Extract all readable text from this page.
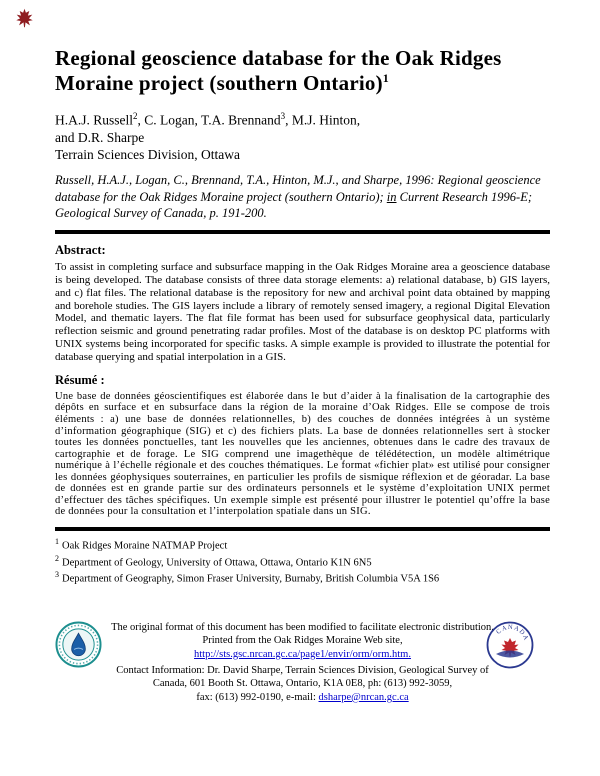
Regional geoscience database for the Oak Ridges Moraine project (southern Ontario)$^1$

H.A.J. Russell$^2$, C. Logan, T.A. Brennand$^3$, M.J. Hinton,
and D.R. Sharpe
Terrain Sciences Division, Ottawa

Russell, H.A.J., Logan, C., Brennand, T.A., Hinton, M.J., and Sharpe, 1996: Regional geoscience database for the Oak Ridges Moraine project (southern Ontario); in Current Research 1996-E; Geological Survey of Canada, p. 191-200.

Abstract:

To assist in completing surface and subsurface mapping in the Oak Ridges Moraine area a geoscience database is being developed. The database consists of three data storage elements: a) relational database, b) GIS layers, and c) flat files. The relational database is the repository for new and archival point data obtained by mapping and borehole studies. The GIS layers include a library of remotely sensed imagery, a regional Digital Elevation Model, and thematic layers. The flat file format has been used for subsurface geophysical data, particularly reflection seismic and ground penetrating radar profiles. Most of the database is on desktop PC platforms with UNIX systems being incorporated for specific tasks. A simple example is provided to illustrate the potential for database querying and spatial interpolation in a GIS.

Résumé :

Une base de données géoscientifiques est élaborée dans le but d’aider à la finalisation de la cartographie des dépôts en surface et en subsurface dans la région de la moraine d’Oak Ridges. Elle se compose de trois éléments : a) une base de données relationnelles, b) des couches de données intégrées à un système d’information géographique (SIG) et c) des fichiers plats. La base de données relationnelles sert à stocker toutes les données ponctuelles, tant les nouvelles que les anciennes, obtenues dans le cadre des travaux de cartographie et de forage. Le SIG comprend une imagethèque de télédétection, un modèle altimétrique numérique à l’échelle régionale et des couches thématiques. Le format «fichier plat» est utilisé pour consigner les données géophysiques souterraines, en particulier les profils de sismique réflexion et de géoradar. La base de données est en grande partie sur des ordinateurs personnels et le système d’exploitation UNIX permet d’effectuer des tâches spécifiques. Un exemple simple est présenté pour illustrer le potentiel qu’offre la base de données pour la consultation et l’interpolation spatiale dans un SIG.

$^1$ Oak Ridges Moraine NATMAP Project

$^2$ Department of Geology, University of Ottawa, Ottawa, Ontario K1N 6N5

$^3$ Department of Geography, Simon Fraser University, Burnaby, British Columbia V5A 1S6

CANADA
The original format of this document has been modified to facilitate electronic distribution.
Printed from the Oak Ridges Moraine Web site,
http://sts.gsc.nrcan.gc.ca/page1/envir/orm/orm.htm.
Contact Information: Dr. David Sharpe, Terrain Sciences Division, Geological Survey of
Canada, 601 Booth St. Ottawa, Ontario, K1A 0E8, ph: (613) 992-3059,
fax: (613) 992-0190, e-mail: dsharpe@nrcan.gc.ca
